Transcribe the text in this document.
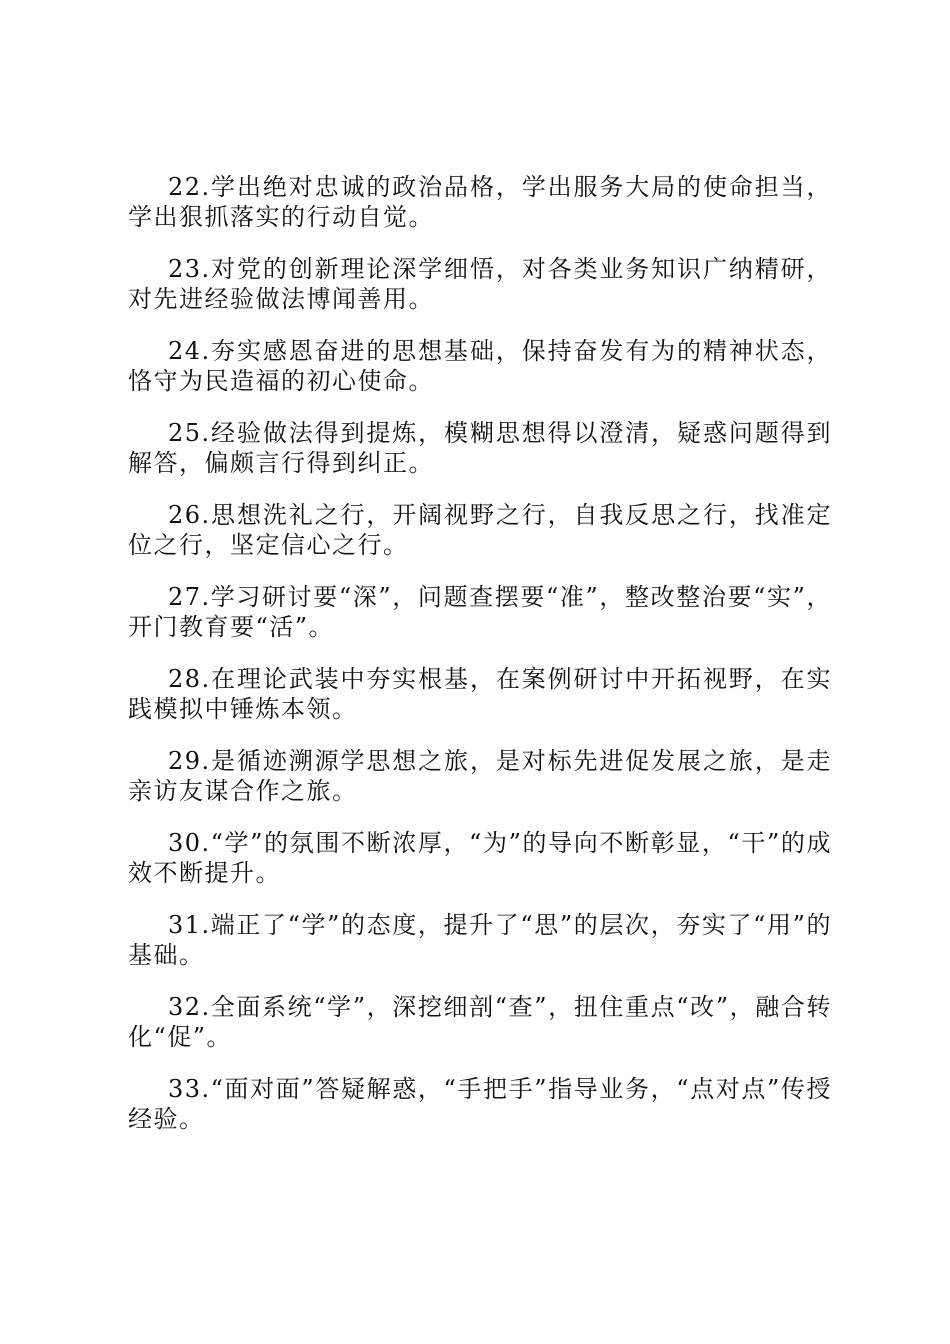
22.学出绝对忠诚的政治品格，学出服务大局的使命担当，学出狠抓落实的行动自觉。

23.对党的创新理论深学细悟，对各类业务知识广纳精研，对先进经验做法博闻善用。

24.夯实感恩奋进的思想基础，保持奋发有为的精神状态，恪守为民造福的初心使命。

25.经验做法得到提炼，模糊思想得以澄清，疑惑问题得到解答，偏颇言行得到纠正。

26.思想洗礼之行，开阔视野之行，自我反思之行，找准定位之行，坚定信心之行。

27.学习研讨要“深”，问题查摆要“准”，整改整治要“实”，开门教育要“活”。

28.在理论武装中夯实根基，在案例研讨中开拓视野，在实践模拟中锤炼本领。

29.是循迹溯源学思想之旅，是对标先进促发展之旅，是走亲访友谋合作之旅。

30.“学”的氛围不断浓厚，“为”的导向不断彰显，“干”的成效不断提升。

31.端正了“学”的态度，提升了“思”的层次，夯实了“用”的基础。

32.全面系统“学”，深挖细剖“查”，扭住重点“改”，融合转化“促”。

33.“面对面”答疑解惑，“手把手”指导业务，“点对点”传授经验。
